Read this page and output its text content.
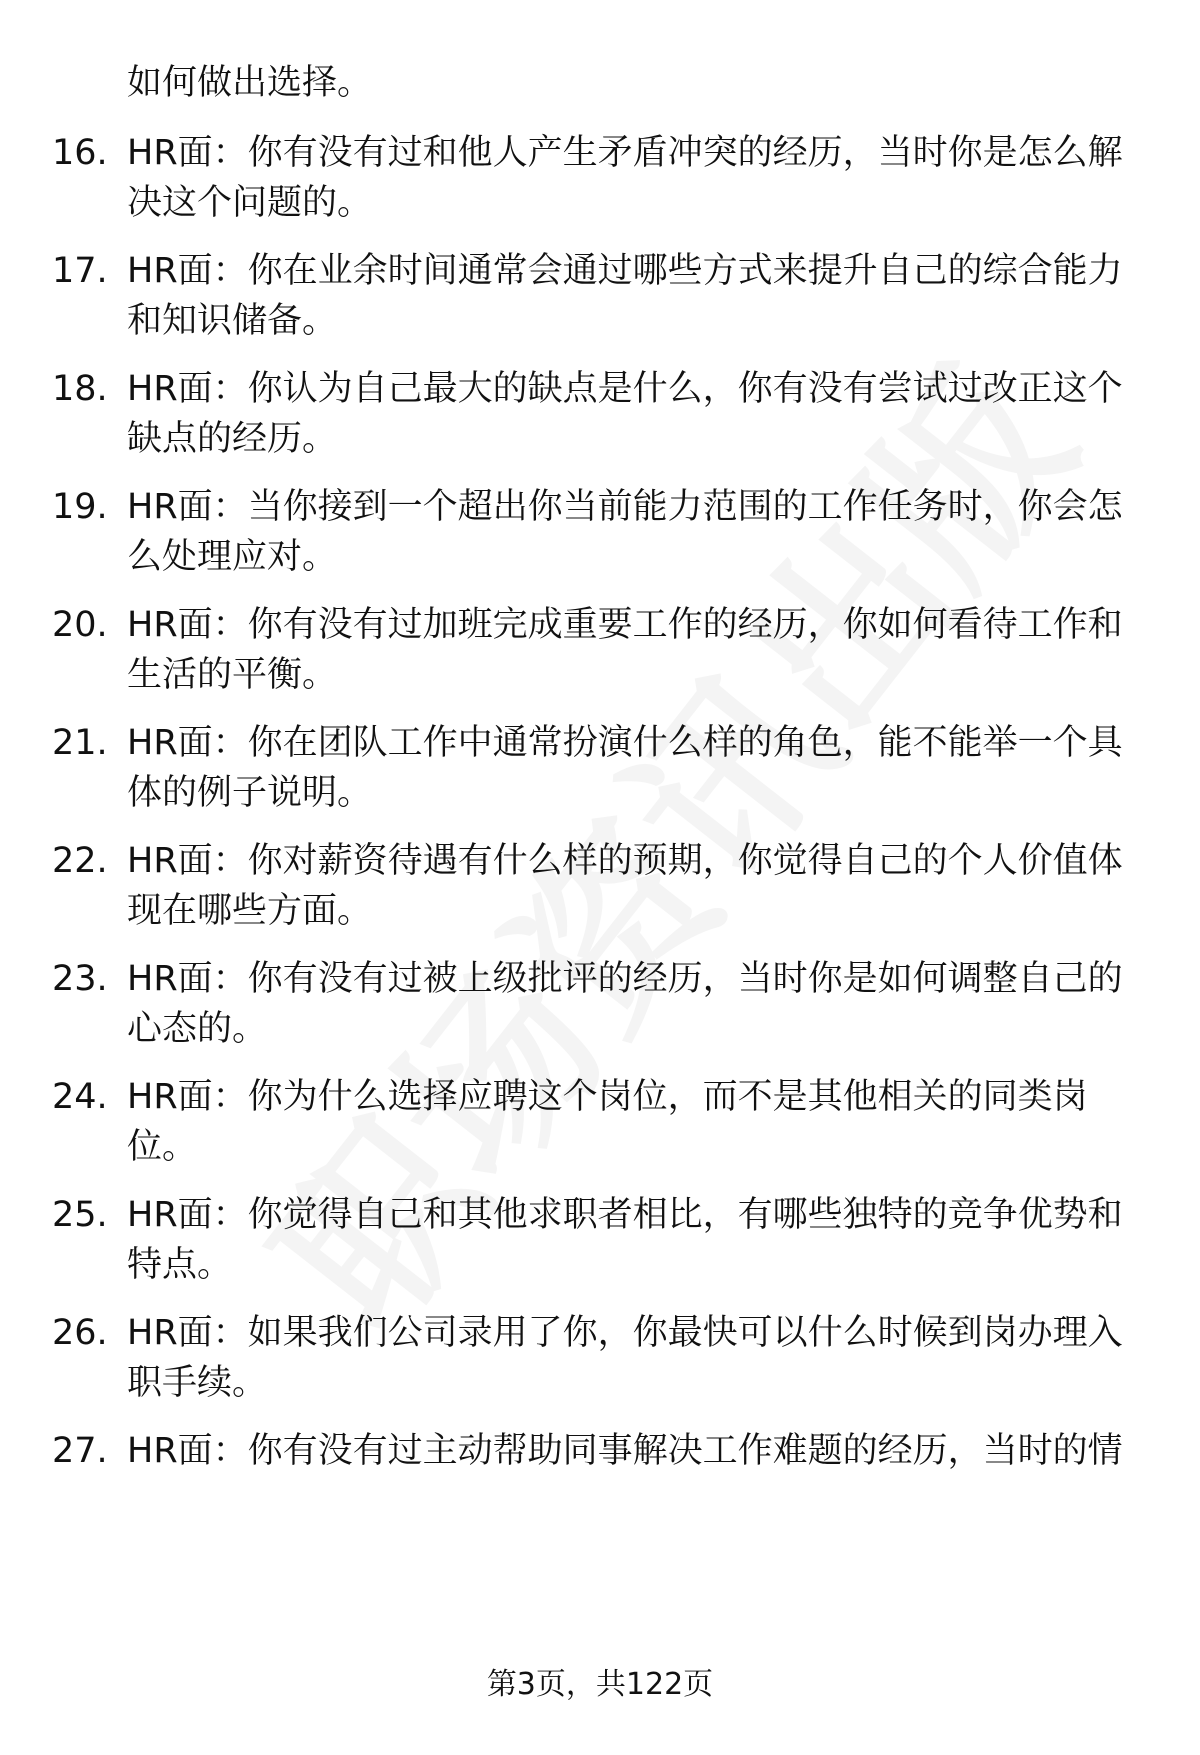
如何做出选择。

16. HR面：你有没有过和他人产生矛盾冲突的经历，当时你是怎么解决这个问题的。
17. HR面：你在业余时间通常会通过哪些方式来提升自己的综合能力和知识储备。
18. HR面：你认为自己最大的缺点是什么，你有没有尝试过改正这个缺点的经历。
19. HR面：当你接到一个超出你当前能力范围的工作任务时，你会怎么处理应对。
20. HR面：你有没有过加班完成重要工作的经历，你如何看待工作和生活的平衡。
21. HR面：你在团队工作中通常扮演什么样的角色，能不能举一个具体的例子说明。
22. HR面：你对薪资待遇有什么样的预期，你觉得自己的个人价值体现在哪些方面。
23. HR面：你有没有过被上级批评的经历，当时你是如何调整自己的心态的。
24. HR面：你为什么选择应聘这个岗位，而不是其他相关的同类岗位。
25. HR面：你觉得自己和其他求职者相比，有哪些独特的竞争优势和特点。
26. HR面：如果我们公司录用了你，你最快可以什么时候到岗办理入职手续。
27. HR面：你有没有过主动帮助同事解决工作难题的经历，当时的情
第3页，共122页
